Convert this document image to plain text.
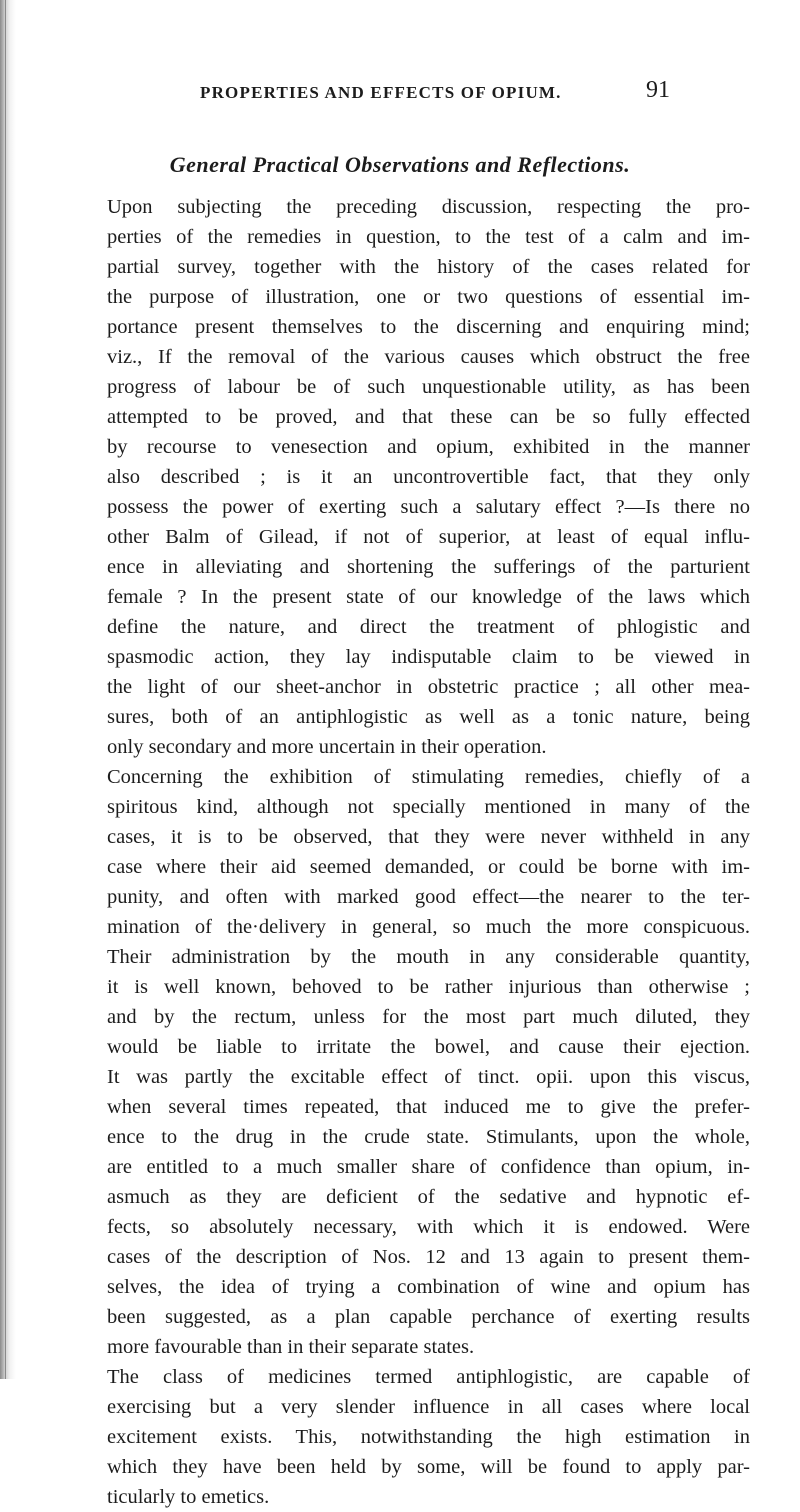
PROPERTIES AND EFFECTS OF OPIUM.	91
General Practical Observations and Reflections.
Upon subjecting the preceding discussion, respecting the pro-
perties of the remedies in question, to the test of a calm and im-
partial survey, together with the history of the cases related for
the purpose of illustration, one or two questions of essential im-
portance present themselves to the discerning and enquiring mind;
viz., If the removal of the various causes which obstruct the free
progress of labour be of such unquestionable utility, as has been
attempted to be proved, and that these can be so fully effected
by recourse to venesection and opium, exhibited in the manner
also described ; is it an uncontrovertible fact, that they only
possess the power of exerting such a salutary effect ?—Is there no
other Balm of Gilead, if not of superior, at least of equal influ-
ence in alleviating and shortening the sufferings of the parturient
female ? In the present state of our knowledge of the laws which
define the nature, and direct the treatment of phlogistic and
spasmodic action, they lay indisputable claim to be viewed in
the light of our sheet-anchor in obstetric practice ; all other mea-
sures, both of an antiphlogistic as well as a tonic nature, being
only secondary and more uncertain in their operation.
Concerning the exhibition of stimulating remedies, chiefly of a
spiritous kind, although not specially mentioned in many of the
cases, it is to be observed, that they were never withheld in any
case where their aid seemed demanded, or could be borne with im-
punity, and often with marked good effect—the nearer to the ter-
mination of the·delivery in general, so much the more conspicuous.
Their administration by the mouth in any considerable quantity,
it is well known, behoved to be rather injurious than otherwise ;
and by the rectum, unless for the most part much diluted, they
would be liable to irritate the bowel, and cause their ejection.
It was partly the excitable effect of tinct. opii. upon this viscus,
when several times repeated, that induced me to give the prefer-
ence to the drug in the crude state. Stimulants, upon the whole,
are entitled to a much smaller share of confidence than opium, in-
asmuch as they are deficient of the sedative and hypnotic ef-
fects, so absolutely necessary, with which it is endowed. Were
cases of the description of Nos. 12 and 13 again to present them-
selves, the idea of trying a combination of wine and opium has
been suggested, as a plan capable perchance of exerting results
more favourable than in their separate states.
The class of medicines termed antiphlogistic, are capable of
exercising but a very slender influence in all cases where local
excitement exists. This, notwithstanding the high estimation in
which they have been held by some, will be found to apply par-
ticularly to emetics.
